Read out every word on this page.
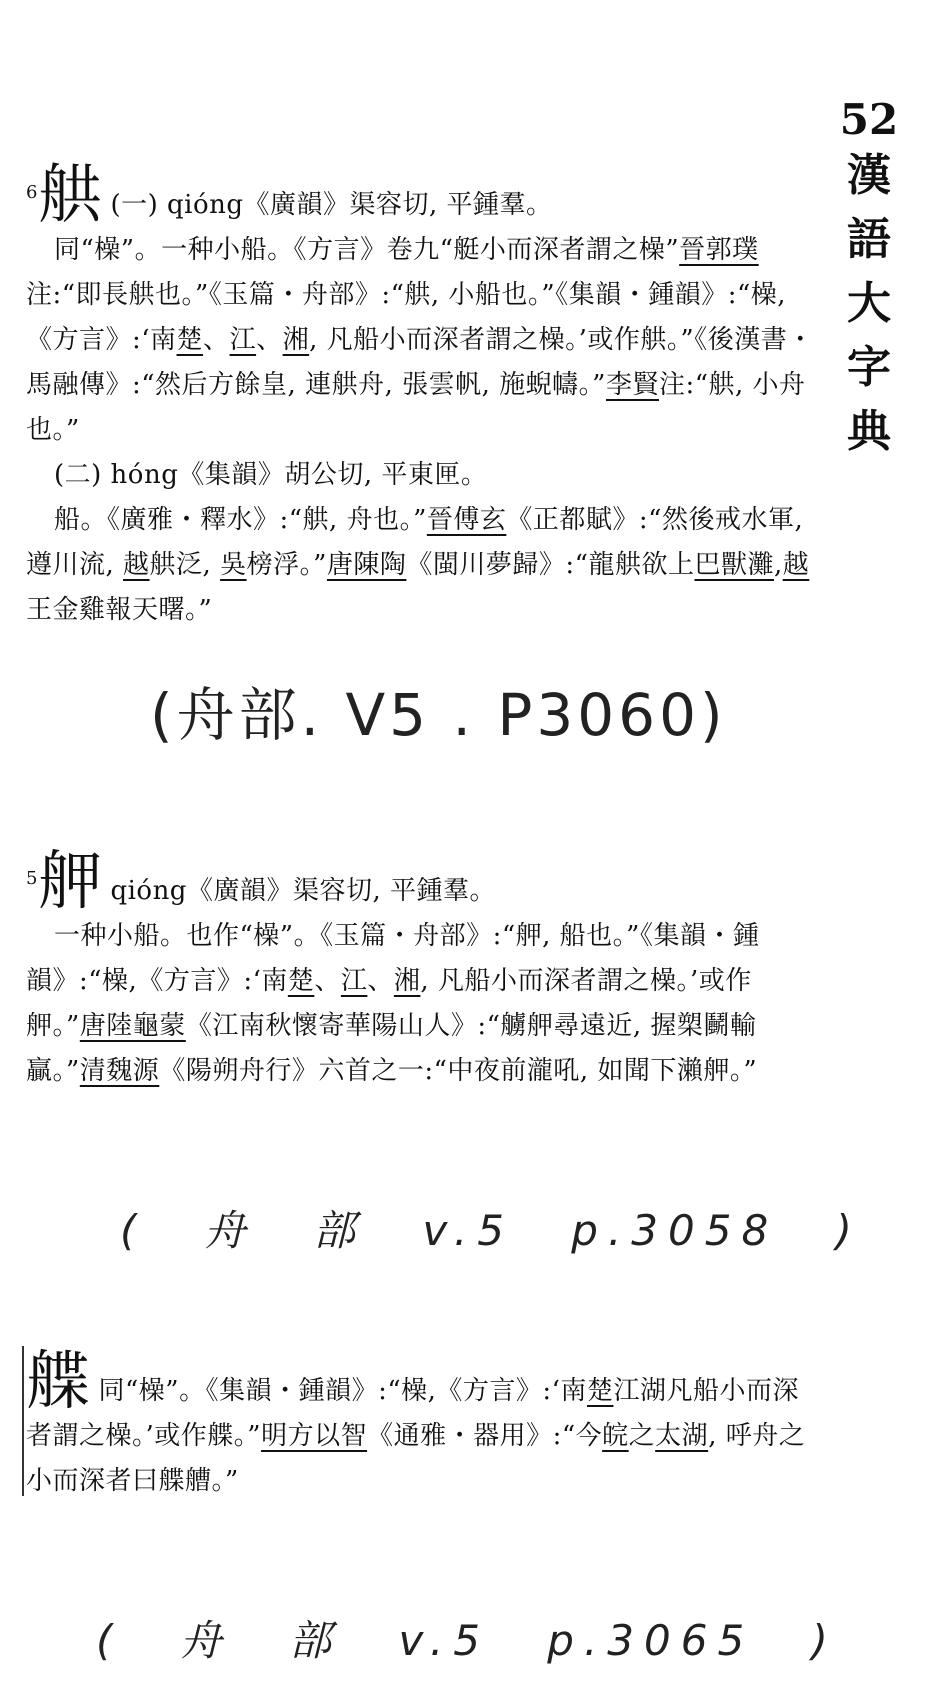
52
漢
語
大
字
典

$^6$舼 (一) qióng《廣韻》渠容切, 平鍾羣。

同“橾”。一种小船。《方言》卷九“艇小而深者謂之橾”晉郭璞注:“即長舼也。”《玉篇・舟部》:“舼, 小船也。”《集韻・鍾韻》:“橾,《方言》:‘南楚、江、湘, 凡船小而深者謂之橾。’或作舼。”《後漢書・馬融傳》:“然后方餘皇, 連舼舟, 張雲帆, 施蜺幬。”李賢注:“舼, 小舟也。”

(二) hóng《集韻》胡公切, 平東匣。

船。《廣雅・釋水》:“舼, 舟也。”晉傅玄《正都賦》:“然後戒水軍, 遵川流, 越舼泛, 吳榜浮。”唐陳陶《閩川夢歸》:“龍舼欲上巴獸灘,越王金雞報天曙。”

(舟部. V5 . P3060)

$^5$舺 qióng《廣韻》渠容切, 平鍾羣。

一种小船。也作“橾”。《玉篇・舟部》:“舺, 船也。”《集韻・鍾韻》:“橾,《方言》:‘南楚、江、湘, 凡船小而深者謂之橾。’或作舺。”唐陸龜蒙《江南秋懷寄華陽山人》:“艣舺尋遠近, 握槊鬭輸贏。”清魏源《陽朔舟行》六首之一:“中夜前瀧吼, 如聞下瀨舺。”

( 舟 部 v.5 p.3058 )

艓同“橾”。《集韻・鍾韻》:“橾,《方言》:‘南楚江湖凡船小而深者謂之橾。’或作艓。”明方以智《通雅・器用》:“今皖之太湖, 呼舟之小而深者曰艓艚。”

( 舟 部 v.5 p.3065 )
